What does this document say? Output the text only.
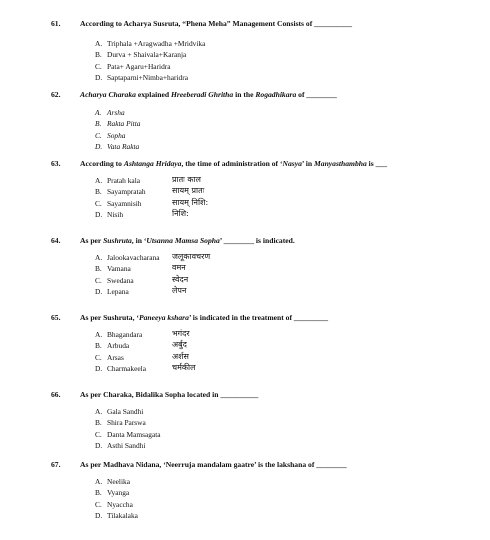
61.	According to Acharya Susruta, “Phena Meha” Management Consists of __________
A. Triphala +Aragwadha +Mridvika
B. Durva + Shaivala+Karanja
C. Pata+ Agaru+Haridra
D. Saptaparni+Nimba+haridra
62.	Acharya Charaka explained Hreeberadi Ghritha in the Rogadhikara of ________
A. Arsha
B. Rakta Pitta
C. Sopha
D. Vata Rakta
63.	According to Ashtanga Hridaya, the time of administration of ‘Nasya’ in Manyasthambha is ___
A. Pratah kala	प्रातः काल
B. Sayampratah	सायम् प्रातः
C. Sayamnisih	सायम् निशि:
D. Nisih	निशि:
64.	As per Sushruta, in ‘Utsanna Mamsa Sopha’ ________ is indicated.
A. Jalookavacharana जलूकावचरण
B. Vamana	वमन
C. Swedana	स्वेदन
D. Lepana	लेपन
65.	As per Sushruta, ‘Paneeya kshara’ is indicated in the treatment of _________
A. Bhagandara	भगंदर
B. Arbuda	अर्बुद
C. Arsas	अर्शस
D. Charmakeela	चर्मकील
66.	As per Charaka, Bidalika Sopha located in __________
A. Gala Sandhi
B. Shira Parswa
C. Danta Mamsagata
D. Asthi Sandhi
67.	As per Madhava Nidana, ‘Neerruja mandalam gaatre’ is the lakshana of ________
A. Neelika
B. Vyanga
C. Nyaccha
D. Tilakalaka
